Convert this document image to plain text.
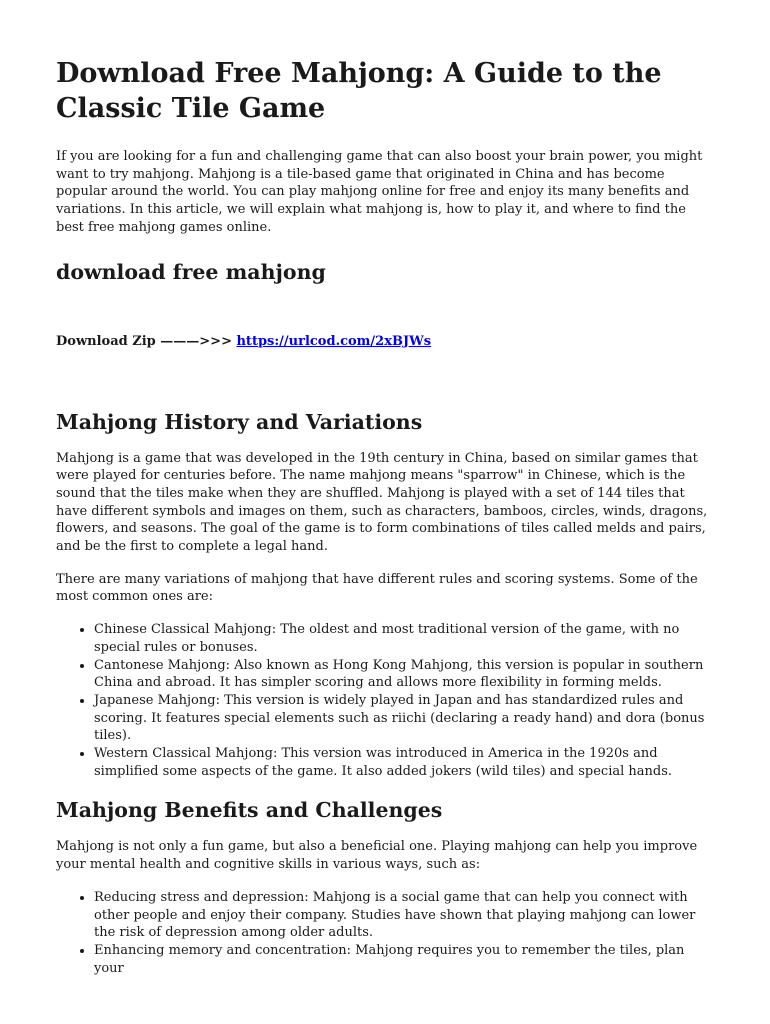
Download Free Mahjong: A Guide to the Classic Tile Game

If you are looking for a fun and challenging game that can also boost your brain power, you might want to try mahjong. Mahjong is a tile-based game that originated in China and has become popular around the world. You can play mahjong online for free and enjoy its many benefits and variations. In this article, we will explain what mahjong is, how to play it, and where to find the best free mahjong games online.

download free mahjong
Download Zip ———>>> https://urlcod.com/2xBJWs
Mahjong History and Variations

Mahjong is a game that was developed in the 19th century in China, based on similar games that were played for centuries before. The name mahjong means "sparrow" in Chinese, which is the sound that the tiles make when they are shuffled. Mahjong is played with a set of 144 tiles that have different symbols and images on them, such as characters, bamboos, circles, winds, dragons, flowers, and seasons. The goal of the game is to form combinations of tiles called melds and pairs, and be the first to complete a legal hand.

There are many variations of mahjong that have different rules and scoring systems. Some of the most common ones are:

• Chinese Classical Mahjong: The oldest and most traditional version of the game, with no special rules or bonuses.
• Cantonese Mahjong: Also known as Hong Kong Mahjong, this version is popular in southern China and abroad. It has simpler scoring and allows more flexibility in forming melds.
• Japanese Mahjong: This version is widely played in Japan and has standardized rules and scoring. It features special elements such as riichi (declaring a ready hand) and dora (bonus tiles).
• Western Classical Mahjong: This version was introduced in America in the 1920s and simplified some aspects of the game. It also added jokers (wild tiles) and special hands.
Mahjong Benefits and Challenges

Mahjong is not only a fun game, but also a beneficial one. Playing mahjong can help you improve your mental health and cognitive skills in various ways, such as:

• Reducing stress and depression: Mahjong is a social game that can help you connect with other people and enjoy their company. Studies have shown that playing mahjong can lower the risk of depression among older adults.
• Enhancing memory and concentration: Mahjong requires you to remember the tiles, plan your
